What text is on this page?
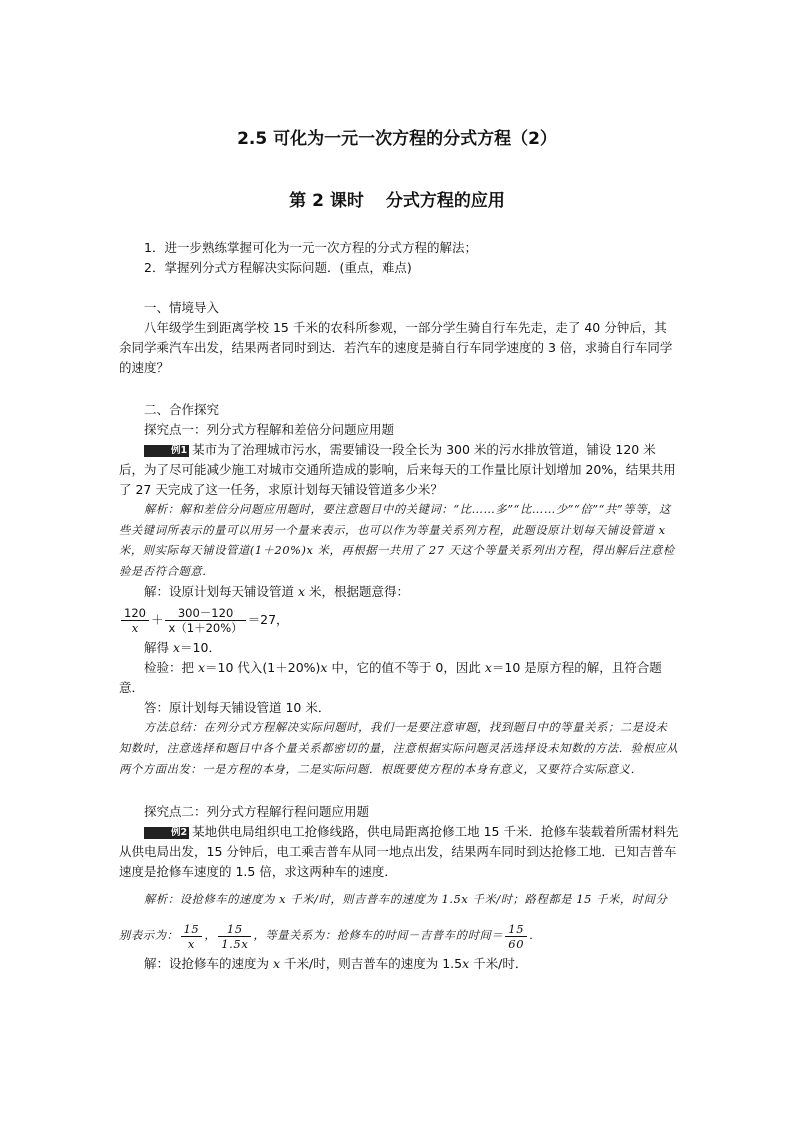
2.5 可化为一元一次方程的分式方程（2）
第 2 课时 分式方程的应用

1．进一步熟练掌握可化为一元一次方程的分式方程的解法；

2．掌握列分式方程解决实际问题．(重点，难点)

一、情境导入

八年级学生到距离学校 15 千米的农科所参观，一部分学生骑自行车先走，走了 40 分钟后，其余同学乘汽车出发，结果两者同时到达．若汽车的速度是骑自行车同学速度的 3 倍，求骑自行车同学的速度？

二、合作探究

探究点一：列分式方程解和差倍分问题应用题

例1 某市为了治理城市污水，需要铺设一段全长为 300 米的污水排放管道，铺设 120 米后，为了尽可能减少施工对城市交通所造成的影响，后来每天的工作量比原计划增加 20%，结果共用了 27 天完成了这一任务，求原计划每天铺设管道多少米？

解析：解和差倍分问题应用题时，要注意题目中的关键词：“比……多”“比……少”“倍”“共”等等，这些关键词所表示的量可以用另一个量来表示，也可以作为等量关系列方程，此题设原计划每天铺设管道 x 米，则实际每天铺设管道(1＋20%)x 米，再根据一共用了 27 天这个等量关系列出方程，得出解后注意检验是否符合题意．

解：设原计划每天铺设管道 x 米，根据题意得：

$\frac{120}{x} + \frac{300-120}{x(1+20\%)} =27$，

解得 x＝10．

检验：把 x＝10 代入(1＋20%)x 中，它的值不等于 0，因此 x＝10 是原方程的解，且符合题意．

答：原计划每天铺设管道 10 米．

方法总结：在列分式方程解决实际问题时，我们一是要注意审题，找到题目中的等量关系；二是设未知数时，注意选择和题目中各个量关系都密切的量，注意根据实际问题灵活选择设未知数的方法．验根应从两个方面出发：一是方程的本身，二是实际问题．根既要使方程的本身有意义，又要符合实际意义．

探究点二：列分式方程解行程问题应用题

例2 某地供电局组织电工抢修线路，供电局距离抢修工地 15 千米．抢修车装载着所需材料先从供电局出发，15 分钟后，电工乘吉普车从同一地点出发，结果两车同时到达抢修工地．已知吉普车速度是抢修车速度的 1.5 倍，求这两种车的速度．

解析：设抢修车的速度为 x 千米/时，则吉普车的速度为 1.5x 千米/时；路程都是 15 千米，时间分别表示为： $\frac{15}{x}$ ， $\frac{15}{1.5x}$ ，等量关系为：抢修车的时间－吉普车的时间＝ $\frac{15}{60}$ ．

解：设抢修车的速度为 x 千米/时，则吉普车的速度为 1.5x 千米/时．
